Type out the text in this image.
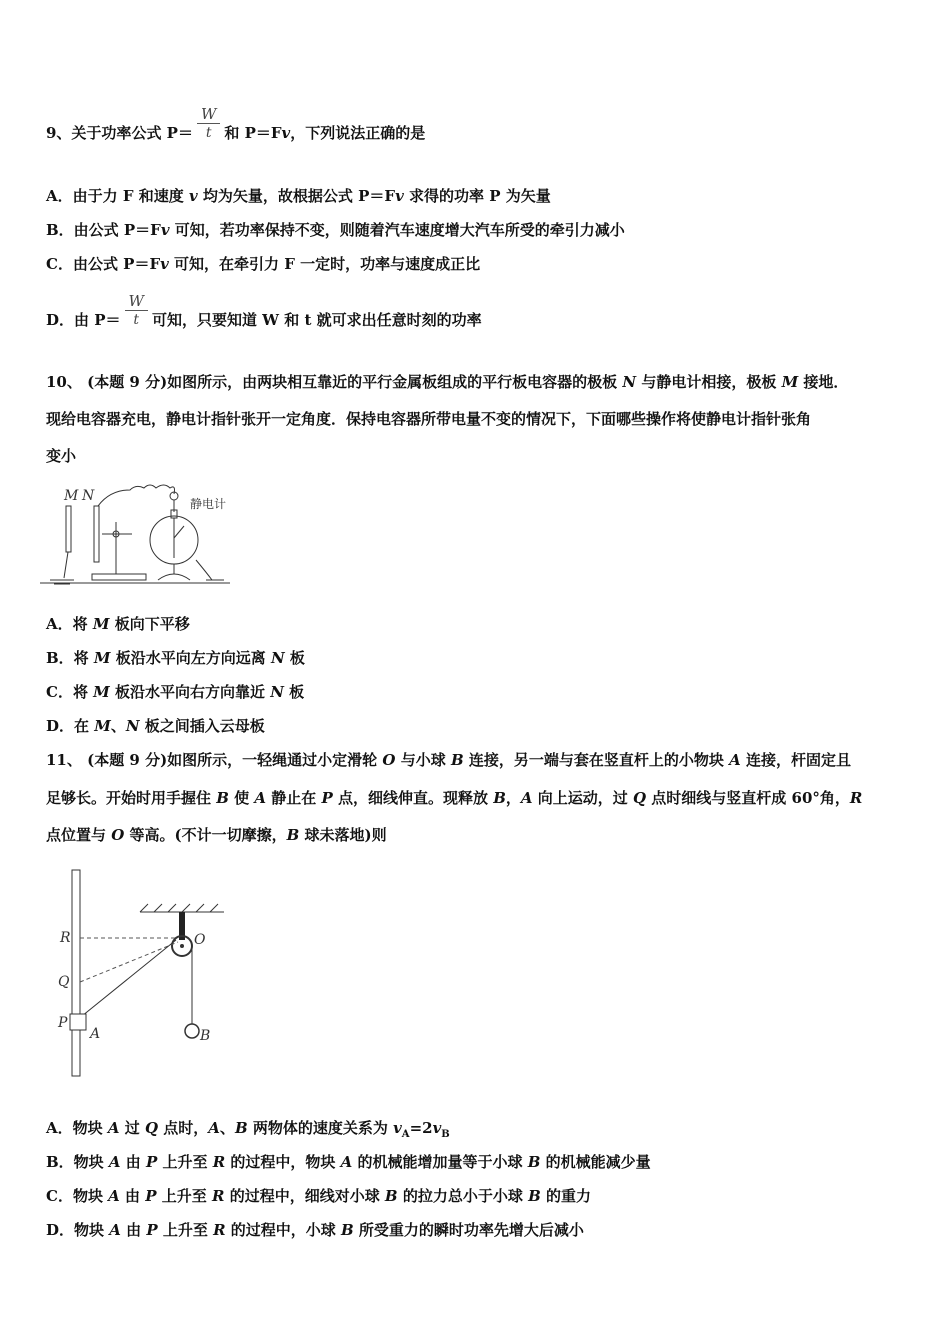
9、关于功率公式 $P= \frac{W}{t}$ 和 P＝Fv，下列说法正确的是
A．由于力 F 和速度 v 均为矢量，故根据公式 P＝Fv 求得的功率 P 为矢量
B．由公式 P＝Fv 可知，若功率保持不变，则随着汽车速度增大汽车所受的牵引力减小
C．由公式 P＝Fv 可知，在牵引力 F 一定时，功率与速度成正比
D．由 $P= \frac{W}{t}$ 可知，只要知道 W 和 t 就可求出任意时刻的功率
10、 (本题 9 分)如图所示，由两块相互靠近的平行金属板组成的平行板电容器的极板 N 与静电计相接，极板 M 接地．
现给电容器充电，静电计指针张开一定角度．保持电容器所带电量不变的情况下，下面哪些操作将使静电计指针张角
变小
M N	静电计
A．将 M 板向下平移
B．将 M 板沿水平向左方向远离 N 板
C．将 M 板沿水平向右方向靠近 N 板
D．在 M、N 板之间插入云母板
11、 (本题 9 分)如图所示，一轻绳通过小定滑轮 O 与小球 B 连接，另一端与套在竖直杆上的小物块 A 连接，杆固定且
足够长。开始时用手握住 B 使 A 静止在 P 点，细线伸直。现释放 B，A 向上运动，过 Q 点时细线与竖直杆成 60°角，R
点位置与 O 等高。(不计一切摩擦，B 球未落地)则
R
Q
P
A
O
B
A．物块 A 过 Q 点时，A、B 两物体的速度关系为 $v_A=2v_B$
B．物块 A 由 P 上升至 R 的过程中，物块 A 的机械能增加量等于小球 B 的机械能减少量
C．物块 A 由 P 上升至 R 的过程中，细线对小球 B 的拉力总小于小球 B 的重力
D．物块 A 由 P 上升至 R 的过程中，小球 B 所受重力的瞬时功率先增大后减小
